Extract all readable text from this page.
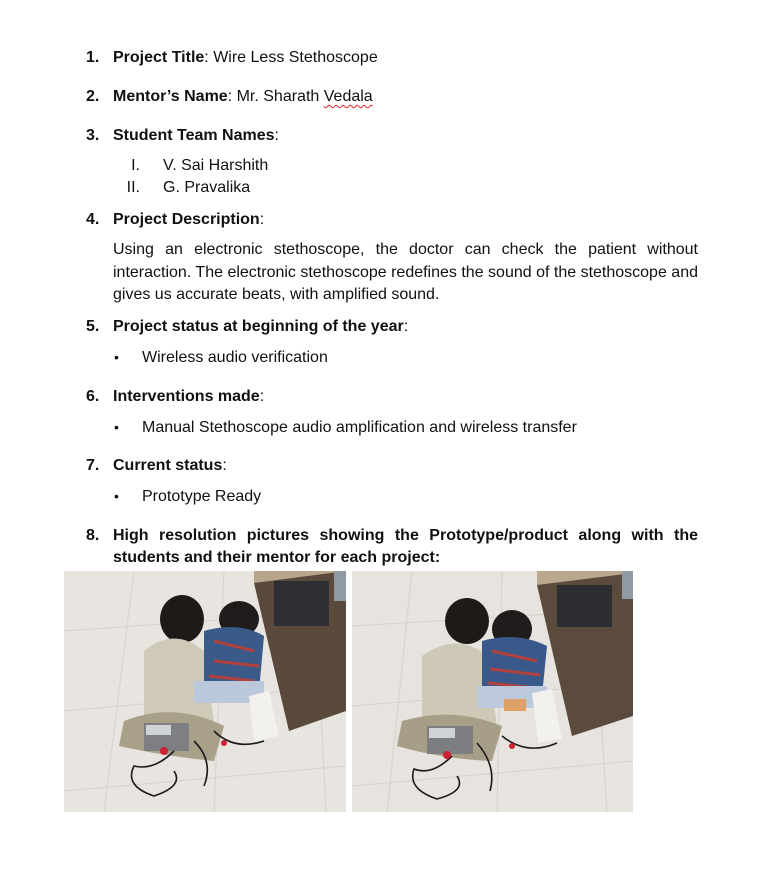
1. Project Title: Wire Less Stethoscope
2. Mentor’s Name: Mr. Sharath Vedala
3. Student Team Names:
I. V. Sai Harshith
II. G. Pravalika
4. Project Description:
Using an electronic stethoscope, the doctor can check the patient without interaction. The electronic stethoscope redefines the sound of the stethoscope and gives us accurate beats, with amplified sound.
5. Project status at beginning of the year:
• Wireless audio verification
6. Interventions made:
• Manual Stethoscope audio amplification and wireless transfer
7. Current status:
• Prototype Ready
8. High resolution pictures showing the Prototype/product along with the students and their mentor for each project:
